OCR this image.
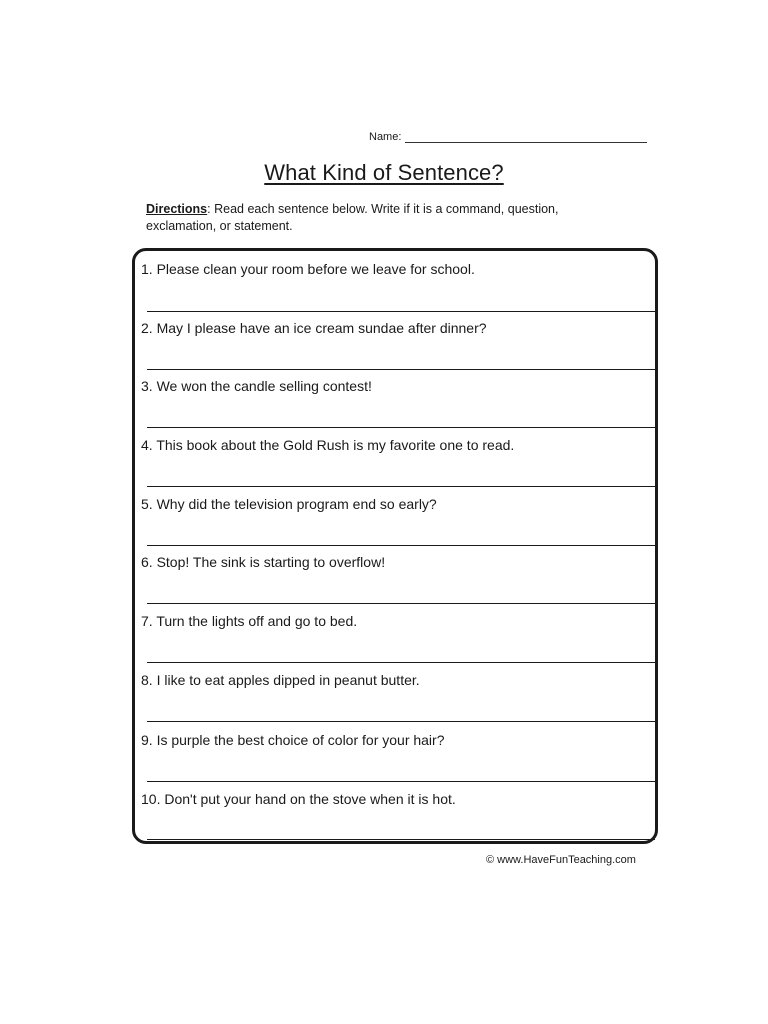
Name:
What Kind of Sentence?
Directions: Read each sentence below. Write if it is a command, question, exclamation, or statement.
1. Please clean your room before we leave for school.
2. May I please have an ice cream sundae after dinner?
3. We won the candle selling contest!
4. This book about the Gold Rush is my favorite one to read.
5. Why did the television program end so early?
6. Stop! The sink is starting to overflow!
7. Turn the lights off and go to bed.
8. I like to eat apples dipped in peanut butter.
9. Is purple the best choice of color for your hair?
10. Don't put your hand on the stove when it is hot.
© www.HaveFunTeaching.com
